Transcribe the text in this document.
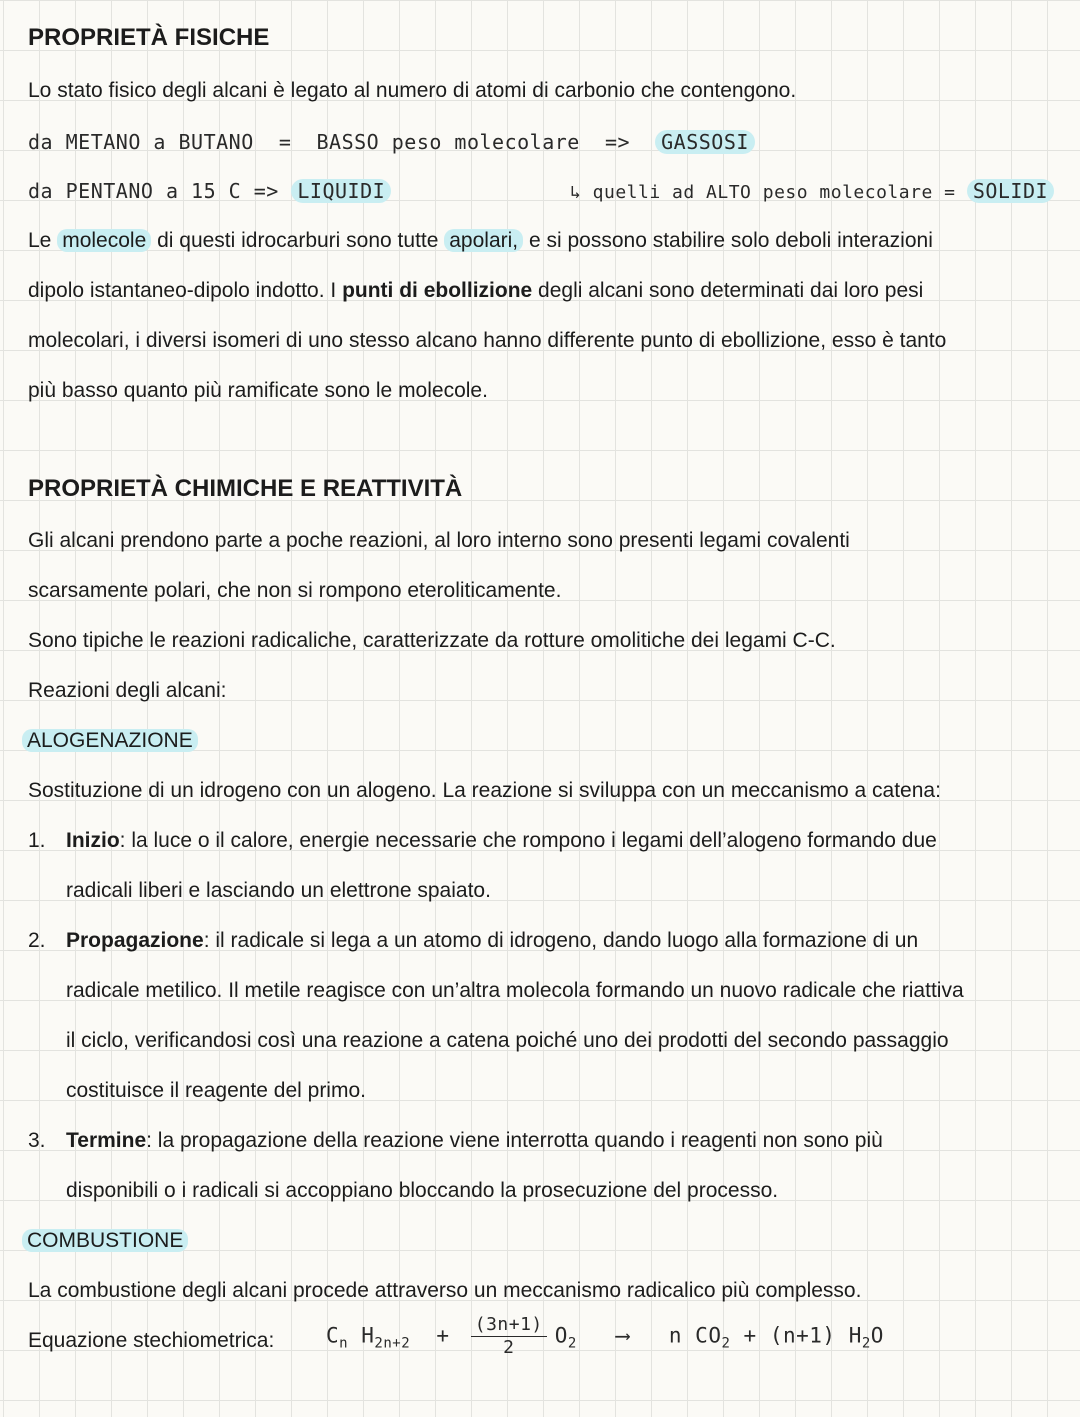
PROPRIETÀ FISICHE
Lo stato fisico degli alcani è legato al numero di atomi di carbonio che contengono.
da METANO a BUTANO = BASSO peso molecolare => GASSOSI
da PENTANO a 15 C => LIQUIDI	↳ quelli ad ALTO peso molecolare = SOLIDI
Le molecole di questi idrocarburi sono tutte apolari, e si possono stabilire solo deboli interazioni
dipolo istantaneo-dipolo indotto. I punti di ebollizione degli alcani sono determinati dai loro pesi
molecolari, i diversi isomeri di uno stesso alcano hanno differente punto di ebollizione, esso è tanto
più basso quanto più ramificate sono le molecole.
PROPRIETÀ CHIMICHE E REATTIVITÀ
Gli alcani prendono parte a poche reazioni, al loro interno sono presenti legami covalenti
scarsamente polari, che non si rompono eteroliticamente.
Sono tipiche le reazioni radicaliche, caratterizzate da rotture omolitiche dei legami C-C.
Reazioni degli alcani:
ALOGENAZIONE
Sostituzione di un idrogeno con un alogeno. La reazione si sviluppa con un meccanismo a catena:
1. Inizio: la luce o il calore, energie necessarie che rompono i legami dell’alogeno formando due
radicali liberi e lasciando un elettrone spaiato.
2. Propagazione: il radicale si lega a un atomo di idrogeno, dando luogo alla formazione di un
radicale metilico. Il metile reagisce con un’altra molecola formando un nuovo radicale che riattiva
il ciclo, verificandosi così una reazione a catena poiché uno dei prodotti del secondo passaggio
costituisce il reagente del primo.
3. Termine: la propagazione della reazione viene interrotta quando i reagenti non sono più
disponibili o i radicali si accoppiano bloccando la prosecuzione del processo.
COMBUSTIONE
La combustione degli alcani procede attraverso un meccanismo radicalico più complesso.
Equazione stechiometrica: $C_n$ $H_{2n+2} + \frac{(3n+1)}{2} O_2$ ⟶ n $CO_2 + (n+1)$ $H_2O$
